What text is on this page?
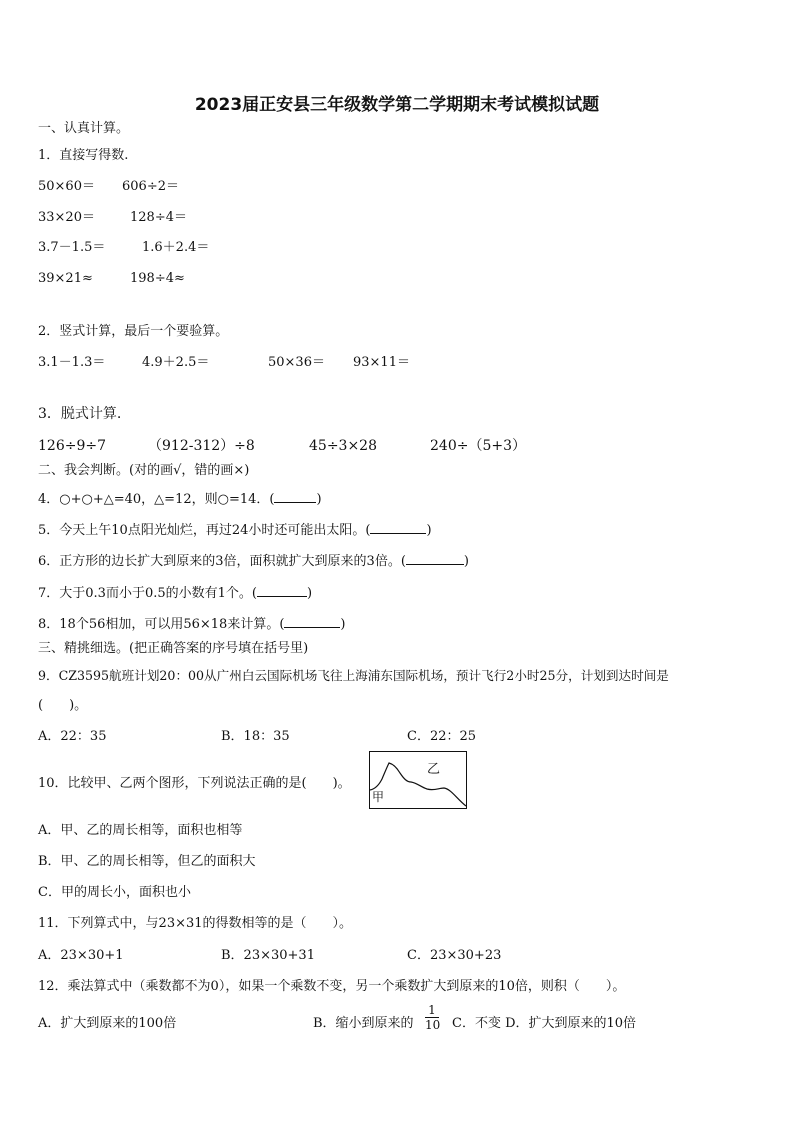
2023届正安县三年级数学第二学期期末考试模拟试题
一、认真计算。
1．直接写得数.
50×60＝ 606÷2＝
33×20＝	128÷4＝
3.7－1.5＝	1.6＋2.4＝
39×21≈	198÷4≈
2．竖式计算，最后一个要验算。
3.1－1.3＝	4.9＋2.5＝	50×36＝ 93×11＝
3．脱式计算.
126÷9÷7	（912-312）÷8	45÷3×28	240÷（5+3）
二、我会判断。(对的画√，错的画×)
4．○+○+△=40，△=12，则○=14．(	)
5．今天上午10点阳光灿烂，再过24小时还可能出太阳。(	)
6．正方形的边长扩大到原来的3倍，面积就扩大到原来的3倍。(	)
7．大于0.3而小于0.5的小数有1个。(	)
8．18个56相加，可以用56×18来计算。(	)
三、精挑细选。(把正确答案的序号填在括号里)
9．CZ3595航班计划20：00从广州白云国际机场飞往上海浦东国际机场，预计飞行2小时25分，计划到达时间是
(　　)。
A．22：35	B．18：35	C．22：25
10．比较甲、乙两个图形，下列说法正确的是(　　)。
甲
乙
A．甲、乙的周长相等，面积也相等
B．甲、乙的周长相等，但乙的面积大
C．甲的周长小，面积也小
11．下列算式中，与23×31的得数相等的是（　　）。
A．23×30+1	B．23×30+31	C．23×30+23
12．乘法算式中（乘数都不为0），如果一个乘数不变，另一个乘数扩大到原来的10倍，则积（　　）。
A．扩大到原来的100倍	B．缩小到原来的
1
10 C．不变 D．扩大到原来的10倍
